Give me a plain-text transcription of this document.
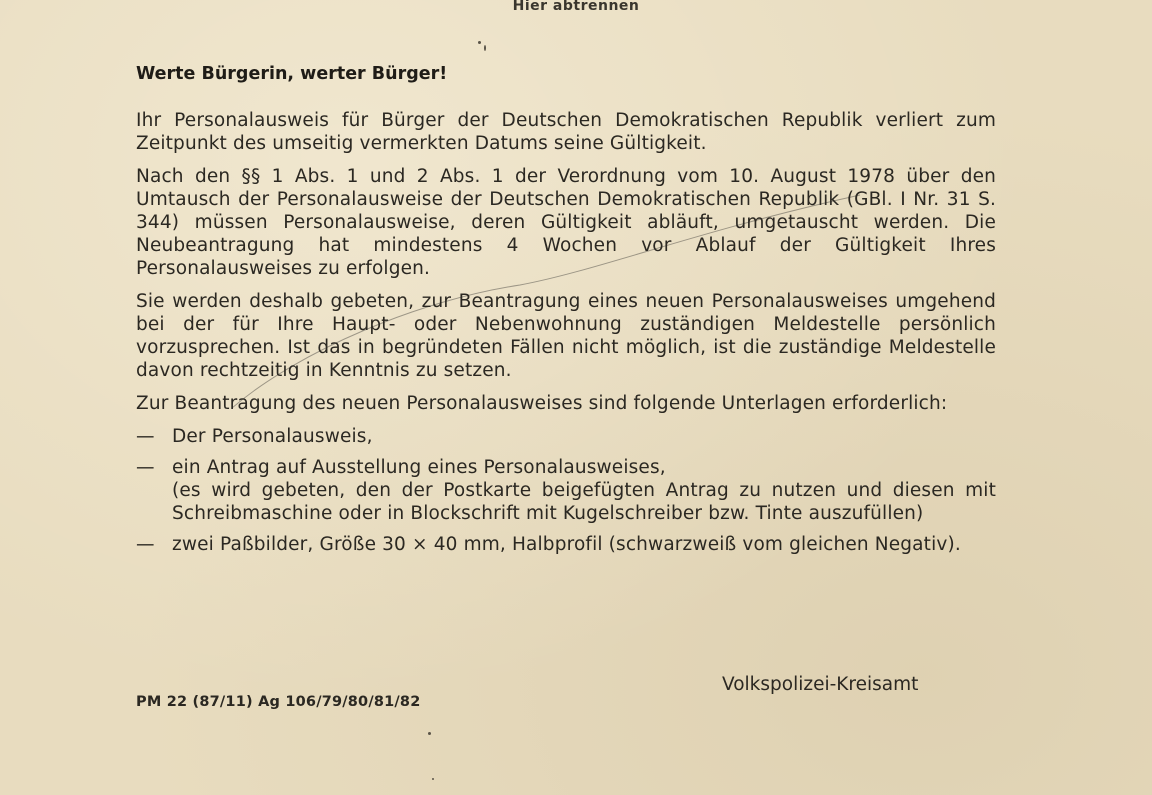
Hier abtrennen
Werte Bürgerin, werter Bürger!

Ihr Personalausweis für Bürger der Deutschen Demokratischen Republik verliert zum Zeitpunkt des umseitig vermerkten Datums seine Gültigkeit.

Nach den §§ 1 Abs. 1 und 2 Abs. 1 der Verordnung vom 10. August 1978 über den Umtausch der Personalausweise der Deutschen Demokratischen Republik (GBl. I Nr. 31 S. 344) müssen Personalausweise, deren Gültigkeit abläuft, umgetauscht werden. Die Neubeantragung hat mindestens 4 Wochen vor Ablauf der Gültigkeit Ihres Personalausweises zu erfolgen.

Sie werden deshalb gebeten, zur Beantragung eines neuen Personalausweises umgehend bei der für Ihre Haupt- oder Nebenwohnung zuständigen Meldestelle persönlich vorzusprechen. Ist das in begründeten Fällen nicht möglich, ist die zuständige Meldestelle davon rechtzeitig in Kenntnis zu setzen.

Zur Beantragung des neuen Personalausweises sind folgende Unterlagen erforderlich:

— Der Personalausweis,
— ein Antrag auf Ausstellung eines Personalausweises,
(es wird gebeten, den der Postkarte beigefügten Antrag zu nutzen und diesen mit Schreibmaschine oder in Blockschrift mit Kugelschreiber bzw. Tinte auszufüllen)
— zwei Paßbilder, Größe 30 × 40 mm, Halbprofil (schwarzweiß vom gleichen Negativ).
Volkspolizei-Kreisamt
PM 22 (87/11) Ag 106/79/80/81/82
